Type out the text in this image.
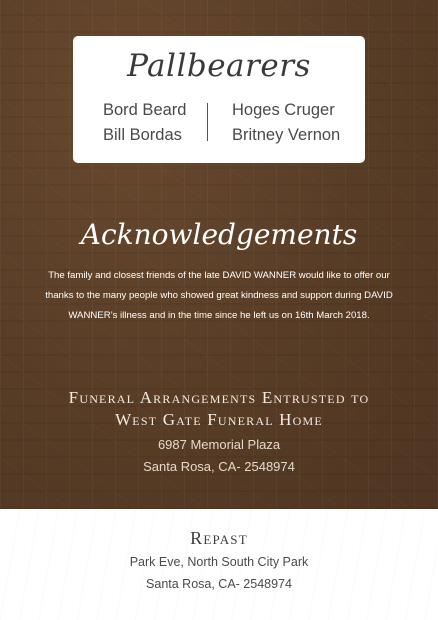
Pallbearers
Bord Beard
Bill Bordas
Hoges Cruger
Britney Vernon
Acknowledgements
The family and closest friends of the late DAVID WANNER would like to offer our
thanks to the many people who showed great kindness and support during DAVID
WANNER’s illness and in the time since he left us on 16th March 2018.
Funeral Arrangements Entrusted to
West Gate Funeral Home
6987 Memorial Plaza
Santa Rosa, CA- 2548974
Repast
Park Eve, North South City Park
Santa Rosa, CA- 2548974
